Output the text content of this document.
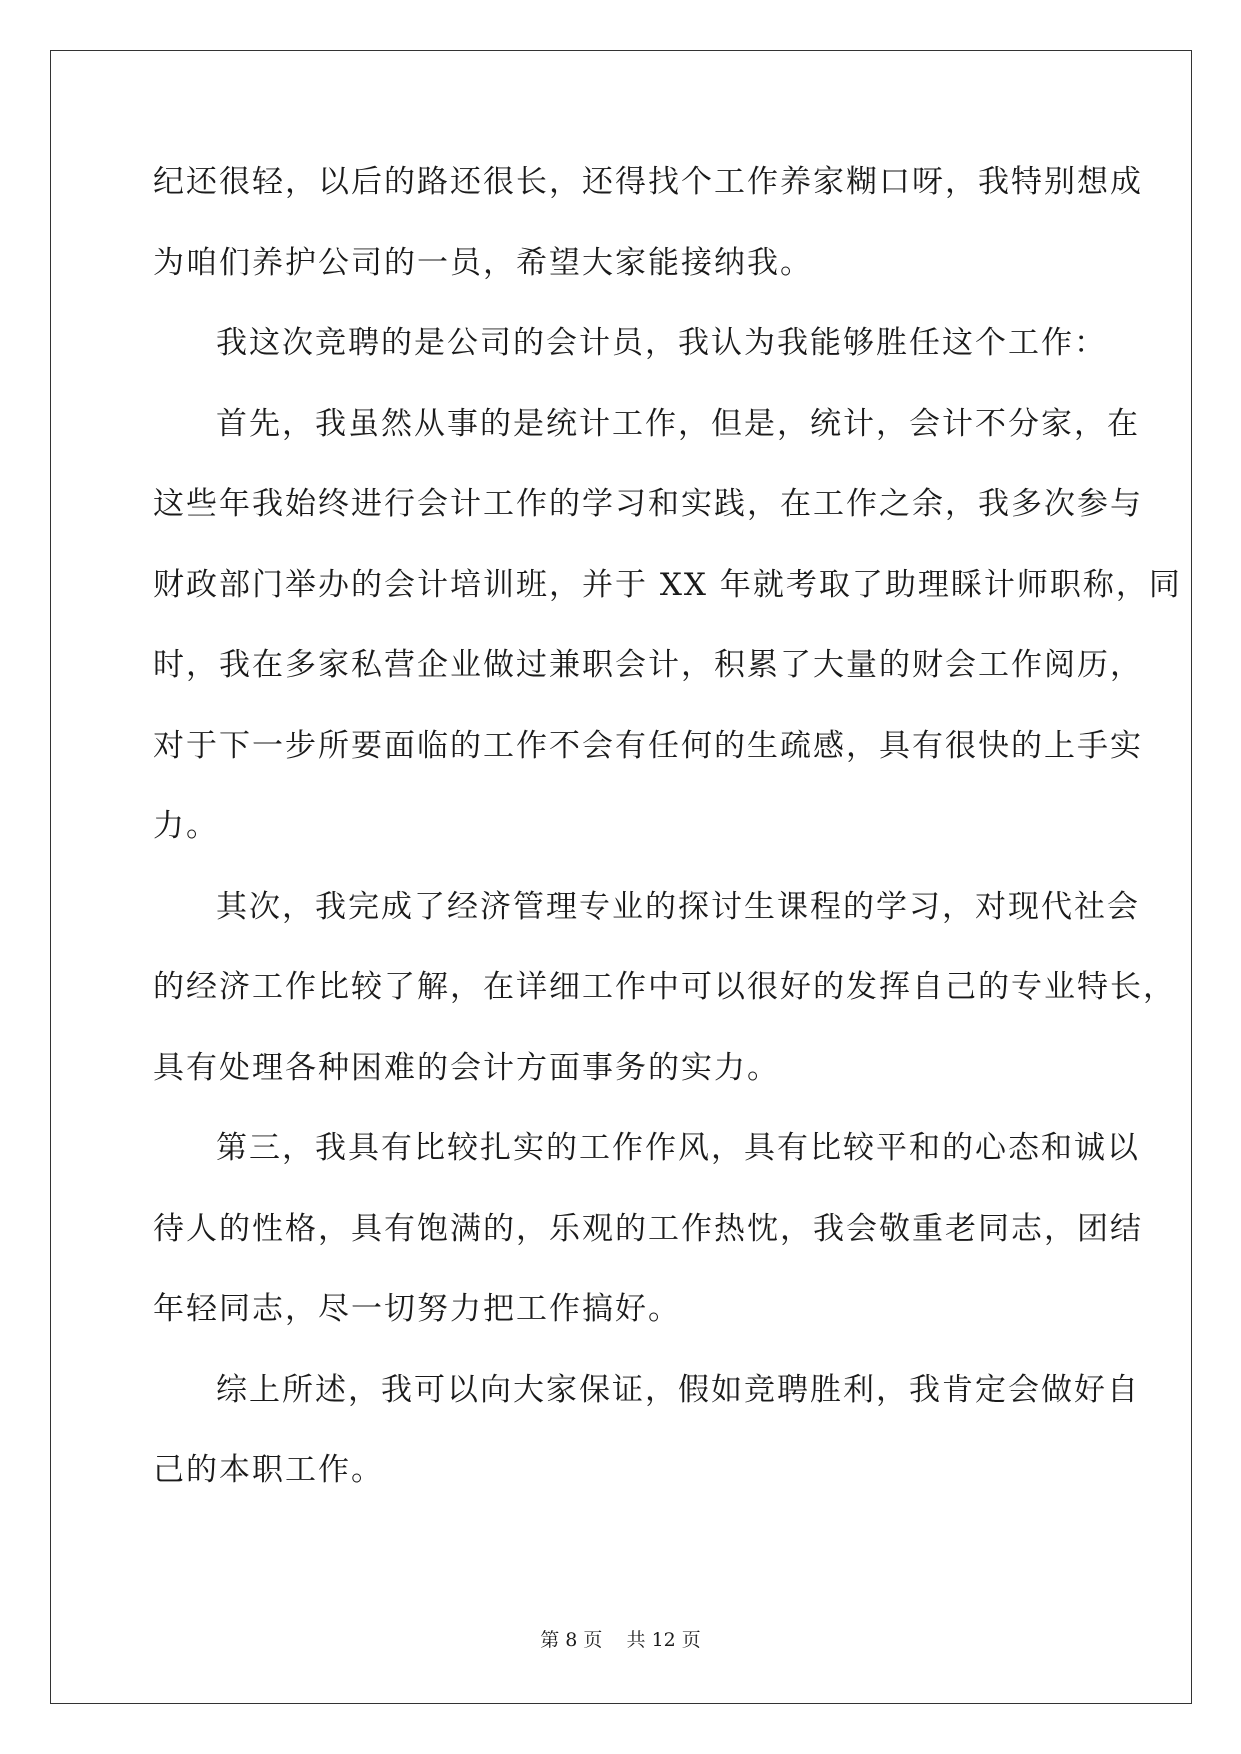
纪还很轻，以后的路还很长，还得找个工作养家糊口呀，我特别想成
为咱们养护公司的一员，希望大家能接纳我。
我这次竞聘的是公司的会计员，我认为我能够胜任这个工作：
首先，我虽然从事的是统计工作，但是，统计，会计不分家，在
这些年我始终进行会计工作的学习和实践，在工作之余，我多次参与
财政部门举办的会计培训班，并于 XX 年就考取了助理睬计师职称，同
时，我在多家私营企业做过兼职会计，积累了大量的财会工作阅历，
对于下一步所要面临的工作不会有任何的生疏感，具有很快的上手实
力。
其次，我完成了经济管理专业的探讨生课程的学习，对现代社会
的经济工作比较了解，在详细工作中可以很好的发挥自己的专业特长，
具有处理各种困难的会计方面事务的实力。
第三，我具有比较扎实的工作作风，具有比较平和的心态和诚以
待人的性格，具有饱满的，乐观的工作热忱，我会敬重老同志，团结
年轻同志，尽一切努力把工作搞好。
综上所述，我可以向大家保证，假如竞聘胜利，我肯定会做好自
己的本职工作。
第 8 页    共 12 页
